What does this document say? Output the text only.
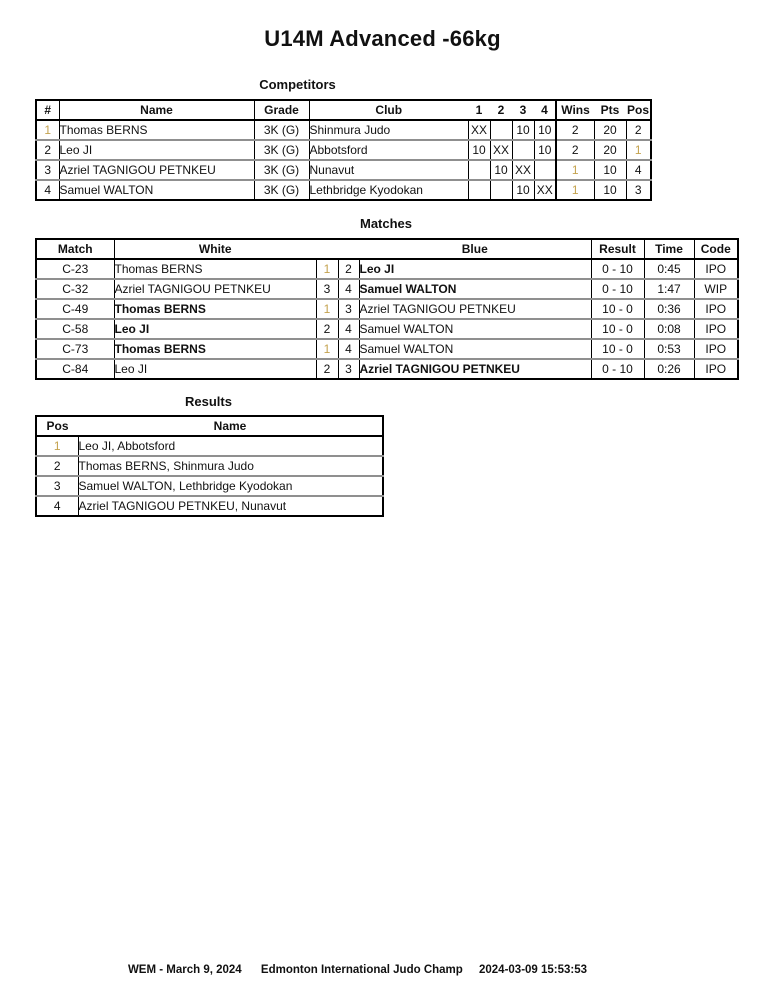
U14M Advanced -66kg
Competitors
#	Name	Grade	Club	1	2	3	4	Wins	Pts	Pos
1	Thomas BERNS	3K (G)	Shinmura Judo	XX		10	10	2	20	2
2	Leo JI	3K (G)	Abbotsford	10	XX		10	2	20	1
3	Azriel TAGNIGOU PETNKEU	3K (G)	Nunavut		10	XX		1	10	4
4	Samuel WALTON	3K (G)	Lethbridge Kyodokan			10	XX	1	10	3
Matches
Match	White			Blue	Result	Time	Code
C-23	Thomas BERNS	1	2	Leo JI	0 - 10	0:45	IPO
C-32	Azriel TAGNIGOU PETNKEU	3	4	Samuel WALTON	0 - 10	1:47	WIP
C-49	Thomas BERNS	1	3	Azriel TAGNIGOU PETNKEU	10 - 0	0:36	IPO
C-58	Leo JI	2	4	Samuel WALTON	10 - 0	0:08	IPO
C-73	Thomas BERNS	1	4	Samuel WALTON	10 - 0	0:53	IPO
C-84	Leo JI	2	3	Azriel TAGNIGOU PETNKEU	0 - 10	0:26	IPO
Results
Pos	Name
1	Leo JI, Abbotsford
2	Thomas BERNS, Shinmura Judo
3	Samuel WALTON, Lethbridge Kyodokan
4	Azriel TAGNIGOU PETNKEU, Nunavut
WEM - March 9, 2024 Edmonton International Judo Champ 2024-03-09 15:53:53
